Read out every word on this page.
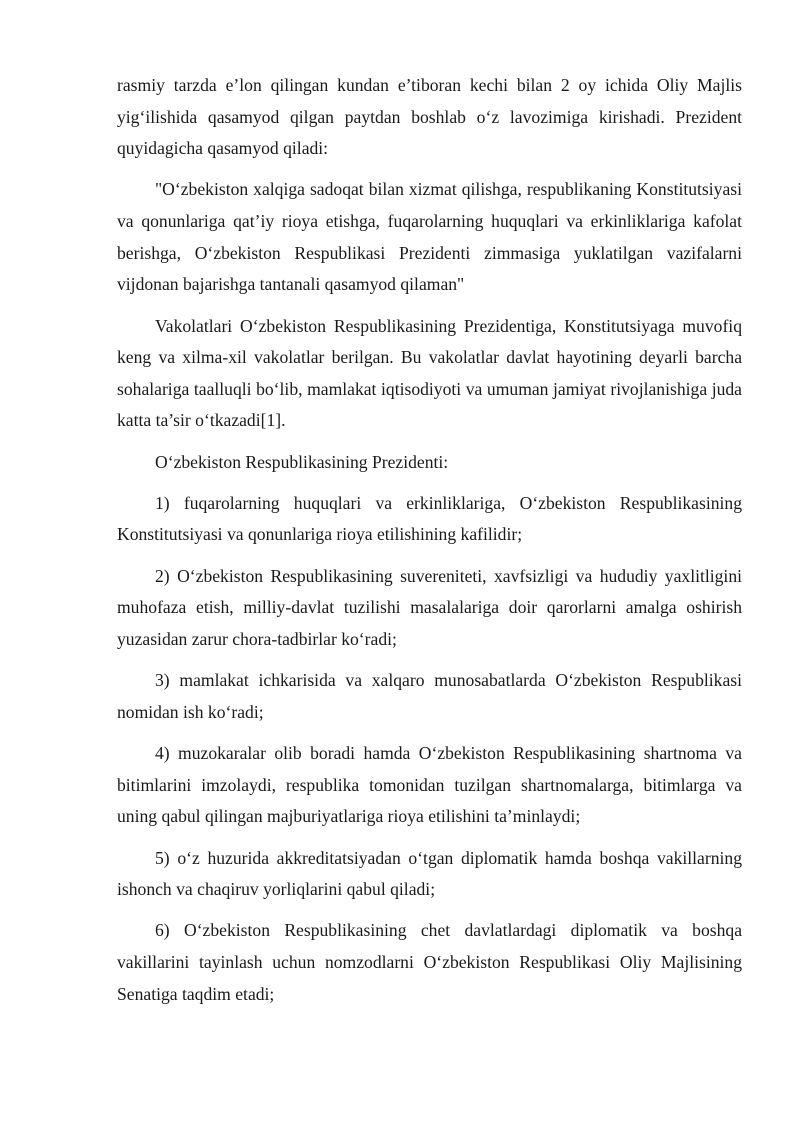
rasmiy tarzda e’lon qilingan kundan e’tiboran kechi bilan 2 oy ichida Oliy Majlis yig‘ilishida qasamyod qilgan paytdan boshlab o‘z lavozimiga kirishadi. Prezident quyidagicha qasamyod qiladi:

"O‘zbekiston xalqiga sadoqat bilan xizmat qilishga, respublikaning Konstitutsiyasi va qonunlariga qat’iy rioya etishga, fuqarolarning huquqlari va erkinliklariga kafolat berishga, O‘zbekiston Respublikasi Prezidenti zimmasiga yuklatilgan vazifalarni vijdonan bajarishga tantanali qasamyod qilaman"

Vakolatlari O‘zbekiston Respublikasining Prezidentiga, Konstitutsiyaga muvofiq keng va xilma-xil vakolatlar berilgan. Bu vakolatlar davlat hayotining deyarli barcha sohalariga taalluqli bo‘lib, mamlakat iqtisodiyoti va umuman jamiyat rivojlanishiga juda katta ta’sir o‘tkazadi[1].

O‘zbekiston Respublikasining Prezidenti:

1) fuqarolarning huquqlari va erkinliklariga, O‘zbekiston Respublikasining Konstitutsiyasi va qonunlariga rioya etilishining kafilidir;

2) O‘zbekiston Respublikasining suvereniteti, xavfsizligi va hududiy yaxlitligini muhofaza etish, milliy-davlat tuzilishi masalalariga doir qarorlarni amalga oshirish yuzasidan zarur chora-tadbirlar ko‘radi;

3) mamlakat ichkarisida va xalqaro munosabatlarda O‘zbekiston Respublikasi nomidan ish ko‘radi;

4) muzokaralar olib boradi hamda O‘zbekiston Respublikasining shartnoma va bitimlarini imzolaydi, respublika tomonidan tuzilgan shartnomalarga, bitimlarga va uning qabul qilingan majburiyatlariga rioya etilishini ta’minlaydi;

5) o‘z huzurida akkreditatsiyadan o‘tgan diplomatik hamda boshqa vakillarning ishonch va chaqiruv yorliqlarini qabul qiladi;

6) O‘zbekiston Respublikasining chet davlatlardagi diplomatik va boshqa vakillarini tayinlash uchun nomzodlarni O‘zbekiston Respublikasi Oliy Majlisining Senatiga taqdim etadi;
